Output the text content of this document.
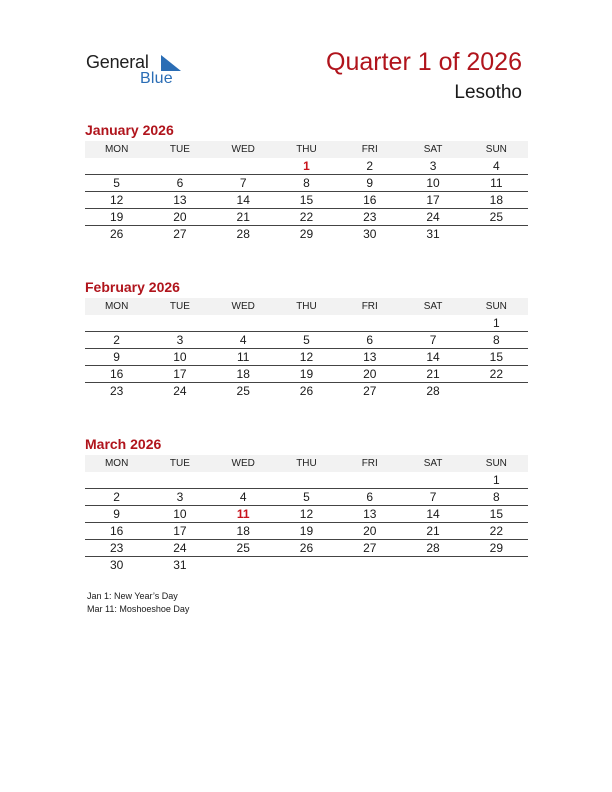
General
Blue
Quarter 1 of 2026
Lesotho
January 2026
MON	TUE	WED	THU	FRI	SAT	SUN
			1	2	3	4
5	6	7	8	9	10	11
12	13	14	15	16	17	18
19	20	21	22	23	24	25
26	27	28	29	30	31	
February 2026
MON	TUE	WED	THU	FRI	SAT	SUN
						1
2	3	4	5	6	7	8
9	10	11	12	13	14	15
16	17	18	19	20	21	22
23	24	25	26	27	28	
March 2026
MON	TUE	WED	THU	FRI	SAT	SUN
						1
2	3	4	5	6	7	8
9	10	11	12	13	14	15
16	17	18	19	20	21	22
23	24	25	26	27	28	29
30	31					
Jan 1: New Year’s Day
Mar 11: Moshoeshoe Day
